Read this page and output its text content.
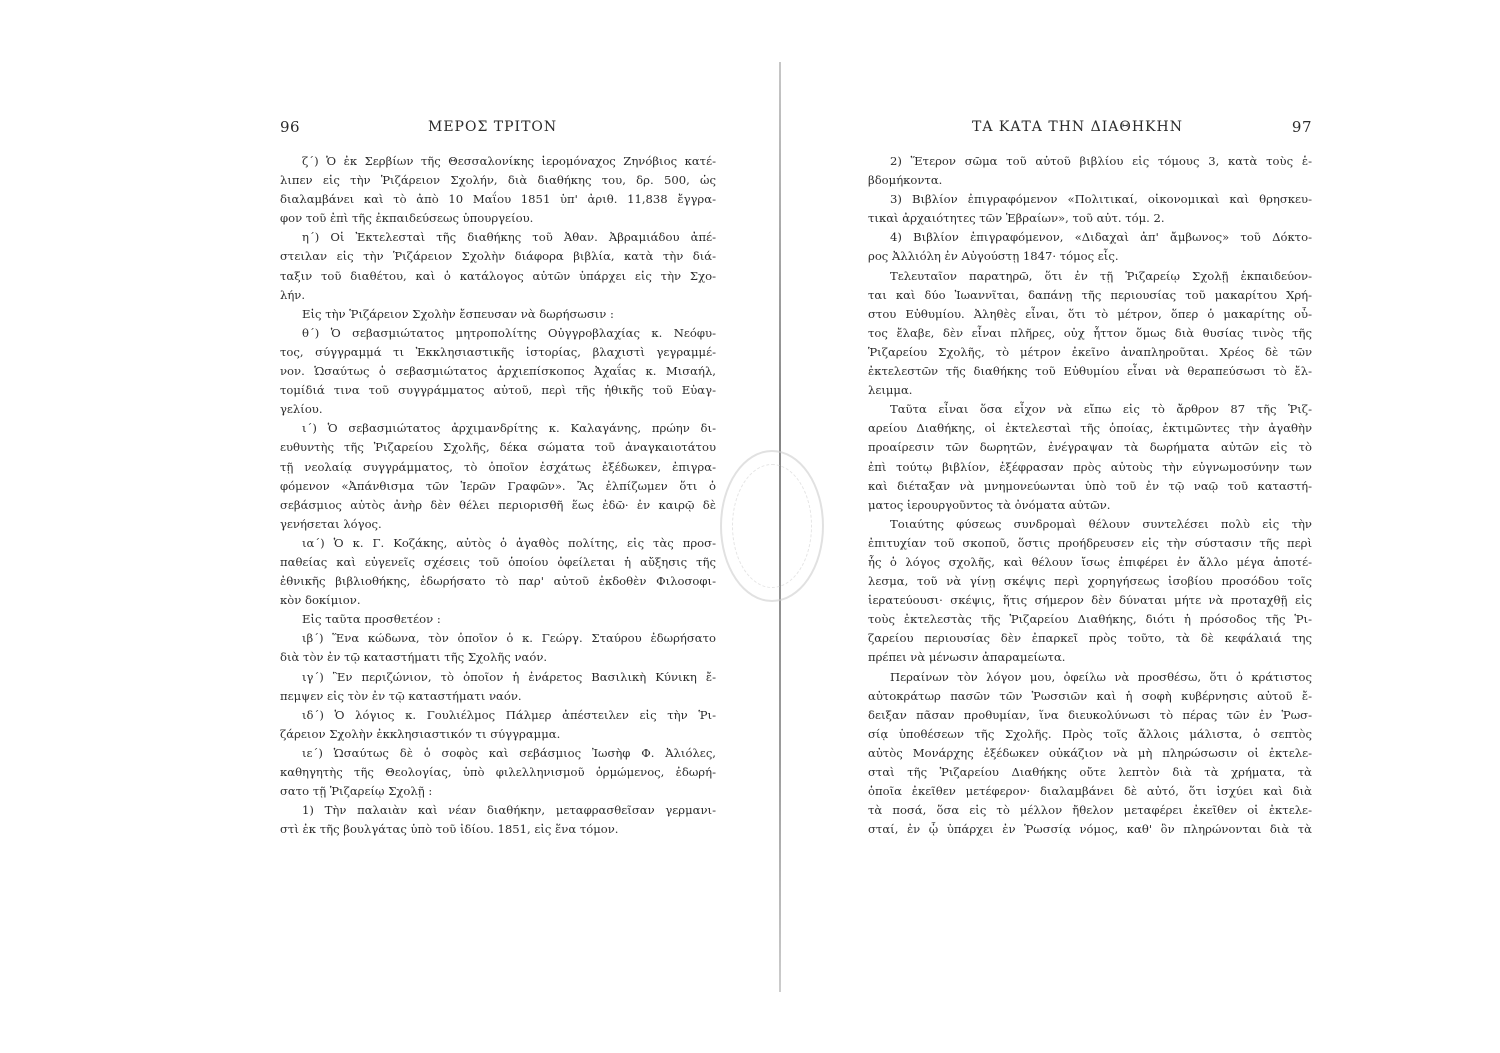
96	ΜΕΡΟΣ ΤΡΙΤΟΝ
ζ΄) Ὁ ἐκ Σερβίων τῆς Θεσσαλονίκης ἱερομόναχος Ζηνόβιος κατέ-
λιπεν εἰς τὴν Ῥιζάρειον Σχολήν, διὰ διαθήκης του, δρ. 500, ὡς
διαλαμβάνει καὶ τὸ ἀπὸ 10 Μαΐου 1851 ὑπ' ἀριθ. 11,838 ἔγγρα-
φον τοῦ ἐπὶ τῆς ἐκπαιδεύσεως ὑπουργείου.
η΄) Οἱ Ἐκτελεσταὶ τῆς διαθήκης τοῦ Ἀθαν. Ἀβραμιάδου ἀπέ-
στειλαν εἰς τὴν Ῥιζάρειον Σχολὴν διάφορα βιβλία, κατὰ τὴν διά-
ταξιν τοῦ διαθέτου, καὶ ὁ κατάλογος αὐτῶν ὑπάρχει εἰς τὴν Σχο-
λήν.
Εἰς τὴν Ῥιζάρειον Σχολὴν ἔσπευσαν νὰ δωρήσωσιν :
θ΄) Ὁ σεβασμιώτατος μητροπολίτης Οὐγγροβλαχίας κ. Νεόφυ-
τος, σύγγραμμά τι Ἐκκλησιαστικῆς ἱστορίας, βλαχιστὶ γεγραμμέ-
νον. Ὡσαύτως ὁ σεβασμιώτατος ἀρχιεπίσκοπος Ἀχαΐας κ. Μισαήλ,
τομίδιά τινα τοῦ συγγράμματος αὐτοῦ, περὶ τῆς ἠθικῆς τοῦ Εὐαγ-
γελίου.
ι΄) Ὁ σεβασμιώτατος ἀρχιμανδρίτης κ. Καλαγάνης, πρώην δι-
ευθυντὴς τῆς Ῥιζαρείου Σχολῆς, δέκα σώματα τοῦ ἀναγκαιοτάτου
τῇ νεολαίᾳ συγγράμματος, τὸ ὁποῖον ἐσχάτως ἐξέδωκεν, ἐπιγρα-
φόμενον «Ἀπάνθισμα τῶν Ἱερῶν Γραφῶν». Ἂς ἐλπίζωμεν ὅτι ὁ
σεβάσμιος αὐτὸς ἀνὴρ δὲν θέλει περιορισθῆ ἕως ἐδῶ· ἐν καιρῷ δὲ
γενήσεται λόγος.
ια΄) Ὁ κ. Γ. Κοζάκης, αὐτὸς ὁ ἀγαθὸς πολίτης, εἰς τὰς προσ-
παθείας καὶ εὐγενεῖς σχέσεις τοῦ ὁποίου ὀφείλεται ἡ αὔξησις τῆς
ἐθνικῆς βιβλιοθήκης, ἐδωρήσατο τὸ παρ' αὐτοῦ ἐκδοθὲν Φιλοσοφι-
κὸν δοκίμιον.
Εἰς ταῦτα προσθετέον :
ιβ΄) Ἕνα κώδωνα, τὸν ὁποῖον ὁ κ. Γεώργ. Σταύρου ἐδωρήσατο
διὰ τὸν ἐν τῷ καταστήματι τῆς Σχολῆς ναόν.
ιγ΄) Ἓν περιζώνιον, τὸ ὁποῖον ἡ ἐνάρετος Βασιλικὴ Κύνικη ἔ-
πεμψεν εἰς τὸν ἐν τῷ καταστήματι ναόν.
ιδ΄) Ὁ λόγιος κ. Γουλιέλμος Πάλμερ ἀπέστειλεν εἰς τὴν Ῥι-
ζάρειον Σχολὴν ἐκκλησιαστικόν τι σύγγραμμα.
ιε΄) Ὡσαύτως δὲ ὁ σοφὸς καὶ σεβάσμιος Ἰωσὴφ Φ. Ἀλιόλες,
καθηγητὴς τῆς Θεολογίας, ὑπὸ φιλελληνισμοῦ ὁρμώμενος, ἐδωρή-
σατο τῇ Ῥιζαρείῳ Σχολῇ :
1) Τὴν παλαιὰν καὶ νέαν διαθήκην, μεταφρασθεῖσαν γερμανι-
στὶ ἐκ τῆς βουλγάτας ὑπὸ τοῦ ἰδίου. 1851, εἰς ἕνα τόμον.
ΤΑ ΚΑΤΑ ΤΗΝ ΔΙΑΘΗΚΗΝ	97
2) Ἕτερον σῶμα τοῦ αὐτοῦ βιβλίου εἰς τόμους 3, κατὰ τοὺς ἑ-
βδομήκοντα.
3) Βιβλίον ἐπιγραφόμενον «Πολιτικαί, οἰκονομικαὶ καὶ θρησκευ-
τικαὶ ἀρχαιότητες τῶν Ἑβραίων», τοῦ αὐτ. τόμ. 2.
4) Βιβλίον ἐπιγραφόμενον, «Διδαχαὶ ἀπ' ἄμβωνος» τοῦ Δόκτο-
ρος Ἀλλιόλη ἐν Αὐγούστῃ 1847· τόμος εἷς.
Τελευταῖον παρατηρῶ, ὅτι ἐν τῇ Ῥιζαρείῳ Σχολῇ ἐκπαιδεύον-
ται καὶ δύο Ἰωαννῖται, δαπάνῃ τῆς περιουσίας τοῦ μακαρίτου Χρή-
στου Εὐθυμίου. Ἀληθὲς εἶναι, ὅτι τὸ μέτρον, ὅπερ ὁ μακαρίτης οὗ-
τος ἔλαβε, δὲν εἶναι πλῆρες, οὐχ ἧττον ὅμως διὰ θυσίας τινὸς τῆς
Ῥιζαρείου Σχολῆς, τὸ μέτρον ἐκεῖνο ἀναπληροῦται. Χρέος δὲ τῶν
ἐκτελεστῶν τῆς διαθήκης τοῦ Εὐθυμίου εἶναι νὰ θεραπεύσωσι τὸ ἔλ-
λειμμα.
Ταῦτα εἶναι ὅσα εἶχον νὰ εἴπω εἰς τὸ ἄρθρον 87 τῆς Ῥιζ-
αρείου Διαθήκης, οἱ ἐκτελεσταὶ τῆς ὁποίας, ἐκτιμῶντες τὴν ἀγαθὴν
προαίρεσιν τῶν δωρητῶν, ἐνέγραψαν τὰ δωρήματα αὐτῶν εἰς τὸ
ἐπὶ τούτῳ βιβλίον, ἐξέφρασαν πρὸς αὐτοὺς τὴν εὐγνωμοσύνην των
καὶ διέταξαν νὰ μνημονεύωνται ὑπὸ τοῦ ἐν τῷ ναῷ τοῦ καταστή-
ματος ἱερουργοῦντος τὰ ὀνόματα αὐτῶν.
Τοιαύτης φύσεως συνδρομαὶ θέλουν συντελέσει πολὺ εἰς τὴν
ἐπιτυχίαν τοῦ σκοποῦ, ὅστις προήδρευσεν εἰς τὴν σύστασιν τῆς περὶ
ἧς ὁ λόγος σχολῆς, καὶ θέλουν ἴσως ἐπιφέρει ἐν ἄλλο μέγα ἀποτέ-
λεσμα, τοῦ νὰ γίνῃ σκέψις περὶ χορηγήσεως ἰσοβίου προσόδου τοῖς
ἱερατεύουσι· σκέψις, ἥτις σήμερον δὲν δύναται μήτε νὰ προταχθῇ εἰς
τοὺς ἐκτελεστὰς τῆς Ῥιζαρείου Διαθήκης, διότι ἡ πρόσοδος τῆς Ῥι-
ζαρείου περιουσίας δὲν ἐπαρκεῖ πρὸς τοῦτο, τὰ δὲ κεφάλαιά της
πρέπει νὰ μένωσιν ἀπαραμείωτα.
Περαίνων τὸν λόγον μου, ὀφείλω νὰ προσθέσω, ὅτι ὁ κράτιστος
αὐτοκράτωρ πασῶν τῶν Ῥωσσιῶν καὶ ἡ σοφὴ κυβέρνησις αὐτοῦ ἔ-
δειξαν πᾶσαν προθυμίαν, ἵνα διευκολύνωσι τὸ πέρας τῶν ἐν Ῥωσ-
σίᾳ ὑποθέσεων τῆς Σχολῆς. Πρὸς τοῖς ἄλλοις μάλιστα, ὁ σεπτὸς
αὐτὸς Μονάρχης ἐξέδωκεν οὐκάζιον νὰ μὴ πληρώσωσιν οἱ ἐκτελε-
σταὶ τῆς Ῥιζαρείου Διαθήκης οὔτε λεπτὸν διὰ τὰ χρήματα, τὰ
ὁποῖα ἐκεῖθεν μετέφερον· διαλαμβάνει δὲ αὐτό, ὅτι ἰσχύει καὶ διὰ
τὰ ποσά, ὅσα εἰς τὸ μέλλον ἤθελον μεταφέρει ἐκεῖθεν οἱ ἐκτελε-
σταί, ἐν ᾧ ὑπάρχει ἐν Ῥωσσίᾳ νόμος, καθ' ὃν πληρώνονται διὰ τὰ
